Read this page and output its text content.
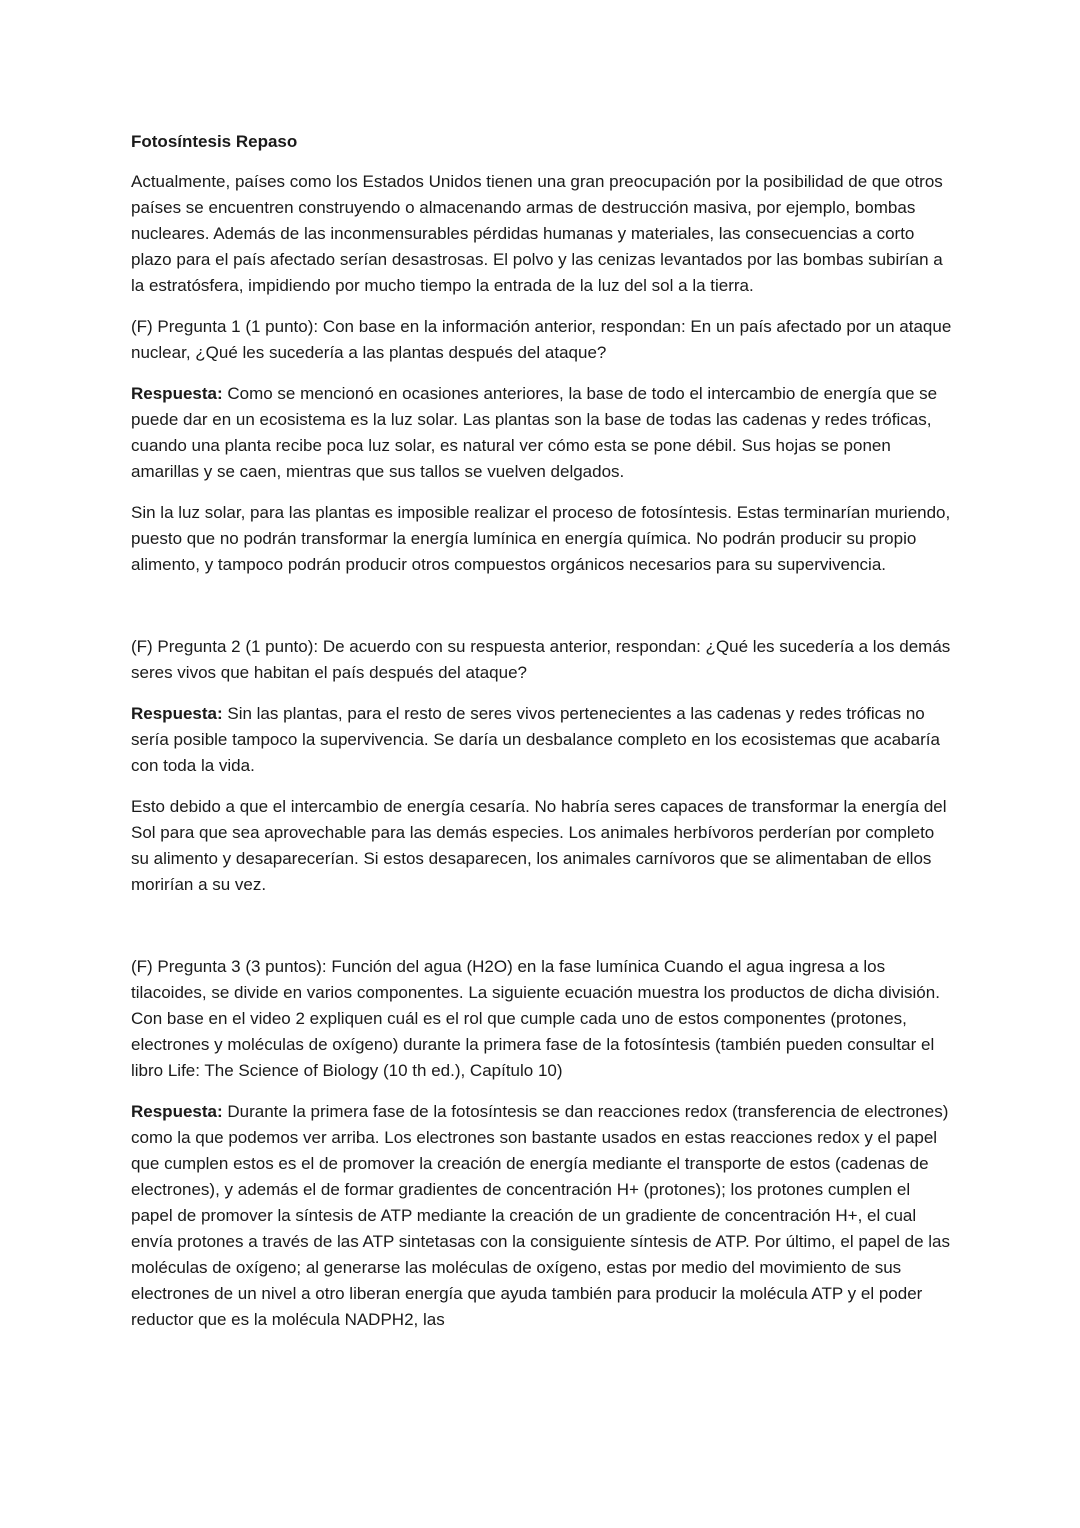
Fotosíntesis Repaso

Actualmente, países como los Estados Unidos tienen una gran preocupación por la posibilidad de que otros países se encuentren construyendo o almacenando armas de destrucción masiva, por ejemplo, bombas nucleares. Además de las inconmensurables pérdidas humanas y materiales, las consecuencias a corto plazo para el país afectado serían desastrosas. El polvo y las cenizas levantados por las bombas subirían a la estratósfera, impidiendo por mucho tiempo la entrada de la luz del sol a la tierra.

(F) Pregunta 1 (1 punto): Con base en la información anterior, respondan: En un país afectado por un ataque nuclear, ¿Qué les sucedería a las plantas después del ataque?

Respuesta: Como se mencionó en ocasiones anteriores, la base de todo el intercambio de energía que se puede dar en un ecosistema es la luz solar. Las plantas son la base de todas las cadenas y redes tróficas, cuando una planta recibe poca luz solar, es natural ver cómo esta se pone débil. Sus hojas se ponen amarillas y se caen, mientras que sus tallos se vuelven delgados.

Sin la luz solar, para las plantas es imposible realizar el proceso de fotosíntesis. Estas terminarían muriendo, puesto que no podrán transformar la energía lumínica en energía química. No podrán producir su propio alimento, y tampoco podrán producir otros compuestos orgánicos necesarios para su supervivencia.

(F) Pregunta 2 (1 punto): De acuerdo con su respuesta anterior, respondan: ¿Qué les sucedería a los demás seres vivos que habitan el país después del ataque?

Respuesta: Sin las plantas, para el resto de seres vivos pertenecientes a las cadenas y redes tróficas no sería posible tampoco la supervivencia. Se daría un desbalance completo en los ecosistemas que acabaría con toda la vida.

Esto debido a que el intercambio de energía cesaría. No habría seres capaces de transformar la energía del Sol para que sea aprovechable para las demás especies. Los animales herbívoros perderían por completo su alimento y desaparecerían. Si estos desaparecen, los animales carnívoros que se alimentaban de ellos morirían a su vez.

(F) Pregunta 3 (3 puntos): Función del agua (H2O) en la fase lumínica Cuando el agua ingresa a los tilacoides, se divide en varios componentes. La siguiente ecuación muestra los productos de dicha división. Con base en el video 2 expliquen cuál es el rol que cumple cada uno de estos componentes (protones, electrones y moléculas de oxígeno) durante la primera fase de la fotosíntesis (también pueden consultar el libro Life: The Science of Biology (10 th ed.), Capítulo 10)

Respuesta: Durante la primera fase de la fotosíntesis se dan reacciones redox (transferencia de electrones) como la que podemos ver arriba. Los electrones son bastante usados en estas reacciones redox y el papel que cumplen estos es el de promover la creación de energía mediante el transporte de estos (cadenas de electrones), y además el de formar gradientes de concentración H+ (protones); los protones cumplen el papel de promover la síntesis de ATP mediante la creación de un gradiente de concentración H+, el cual envía protones a través de las ATP sintetasas con la consiguiente síntesis de ATP. Por último, el papel de las moléculas de oxígeno; al generarse las moléculas de oxígeno, estas por medio del movimiento de sus electrones de un nivel a otro liberan energía que ayuda también para producir la molécula ATP y el poder reductor que es la molécula NADPH2, las
